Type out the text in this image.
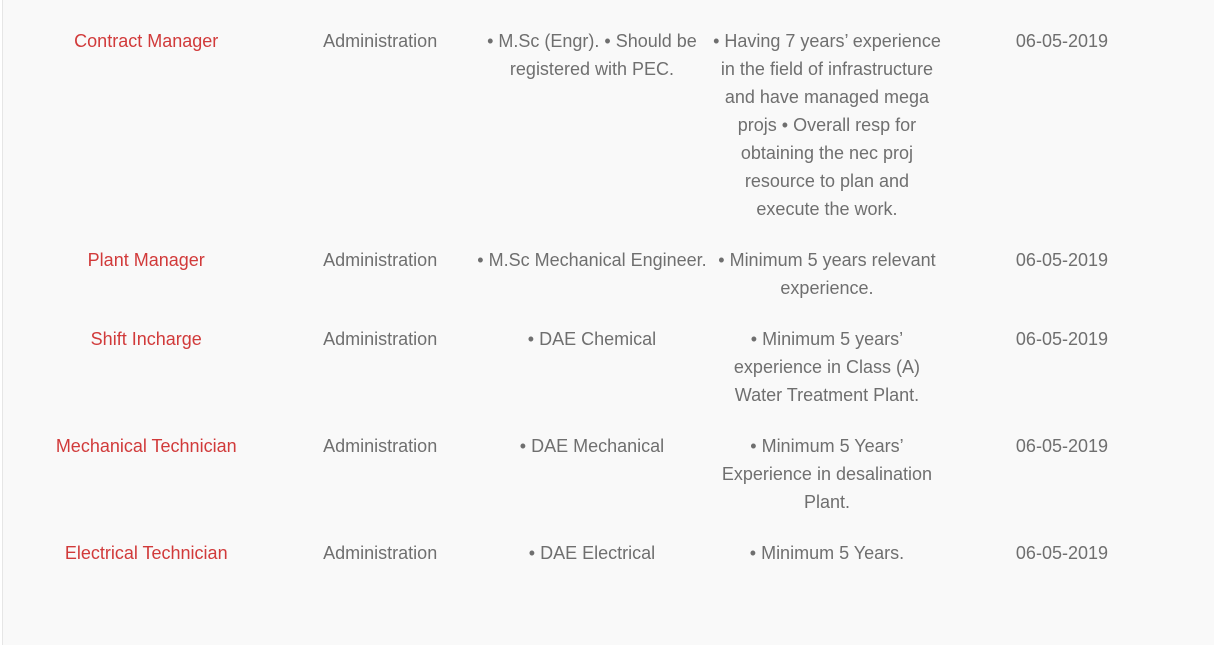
Contract Manager	Administration	• M.Sc (Engr). • Should be registered with PEC.	• Having 7 years’ experience in the field of infrastructure and have managed mega projs • Overall resp for obtaining the nec proj resource to plan and execute the work.	06-05-2019
Plant Manager	Administration	• M.Sc Mechanical Engineer.	• Minimum 5 years relevant experience.	06-05-2019
Shift Incharge	Administration	• DAE Chemical	• Minimum 5 years’ experience in Class (A) Water Treatment Plant.	06-05-2019
Mechanical Technician	Administration	• DAE Mechanical	• Minimum 5 Years’ Experience in desalination Plant.	06-05-2019
Electrical Technician	Administration	• DAE Electrical	• Minimum 5 Years.	06-05-2019
